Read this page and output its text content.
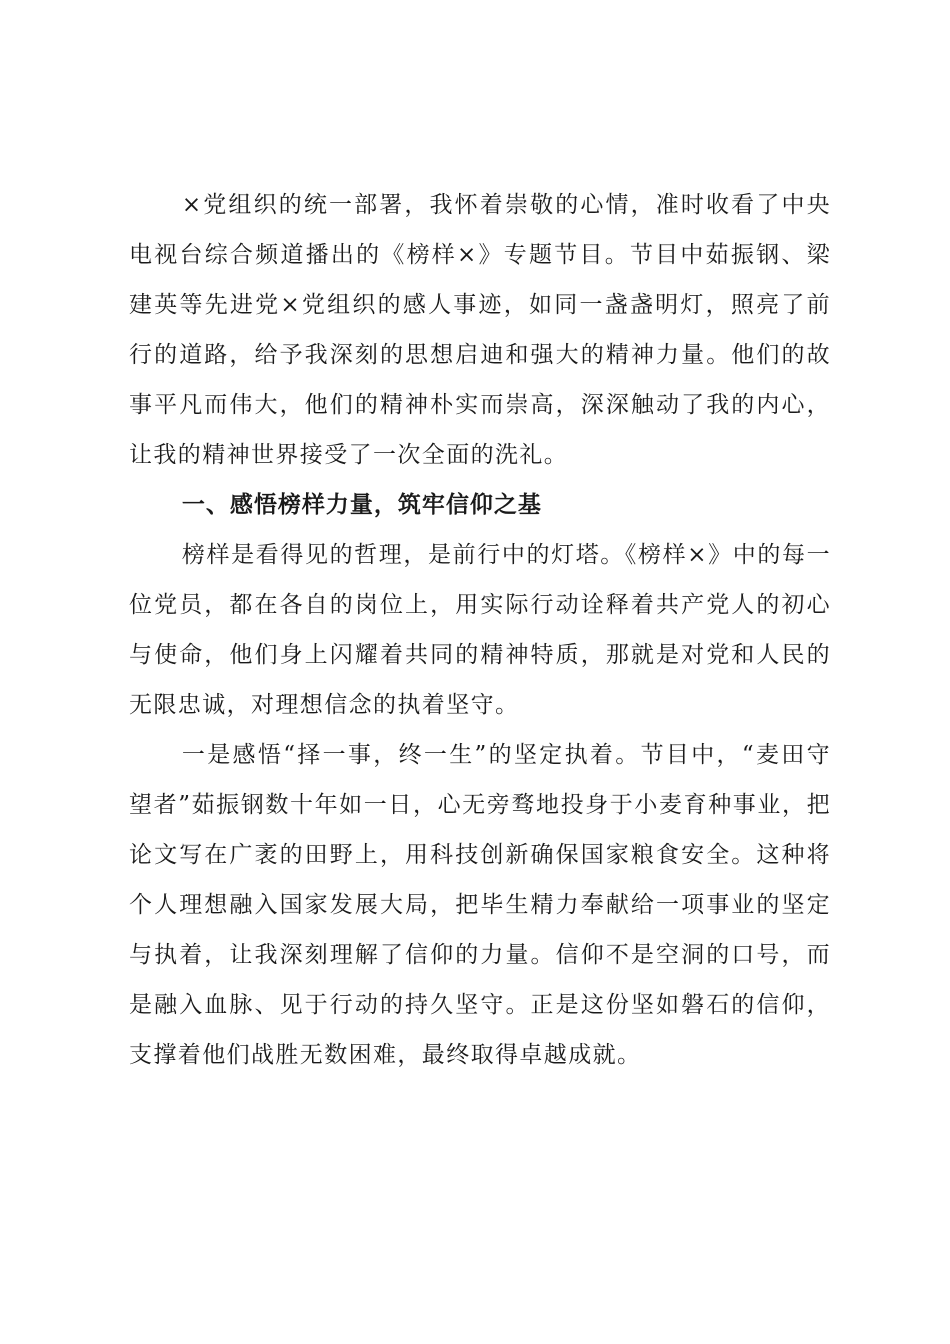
×党组织的统一部署，我怀着崇敬的心情，准时收看了中央电视台综合频道播出的《榜样×》专题节目。节目中茹振钢、梁建英等先进党×党组织的感人事迹，如同一盏盏明灯，照亮了前行的道路，给予我深刻的思想启迪和强大的精神力量。他们的故事平凡而伟大，他们的精神朴实而崇高，深深触动了我的内心，让我的精神世界接受了一次全面的洗礼。

一、感悟榜样力量，筑牢信仰之基

榜样是看得见的哲理，是前行中的灯塔。《榜样×》中的每一位党员，都在各自的岗位上，用实际行动诠释着共产党人的初心与使命，他们身上闪耀着共同的精神特质，那就是对党和人民的无限忠诚，对理想信念的执着坚守。

一是感悟“择一事，终一生”的坚定执着。节目中，“麦田守望者”茹振钢数十年如一日，心无旁骛地投身于小麦育种事业，把论文写在广袤的田野上，用科技创新确保国家粮食安全。这种将个人理想融入国家发展大局，把毕生精力奉献给一项事业的坚定与执着，让我深刻理解了信仰的力量。信仰不是空洞的口号，而是融入血脉、见于行动的持久坚守。正是这份坚如磐石的信仰，支撑着他们战胜无数困难，最终取得卓越成就。
